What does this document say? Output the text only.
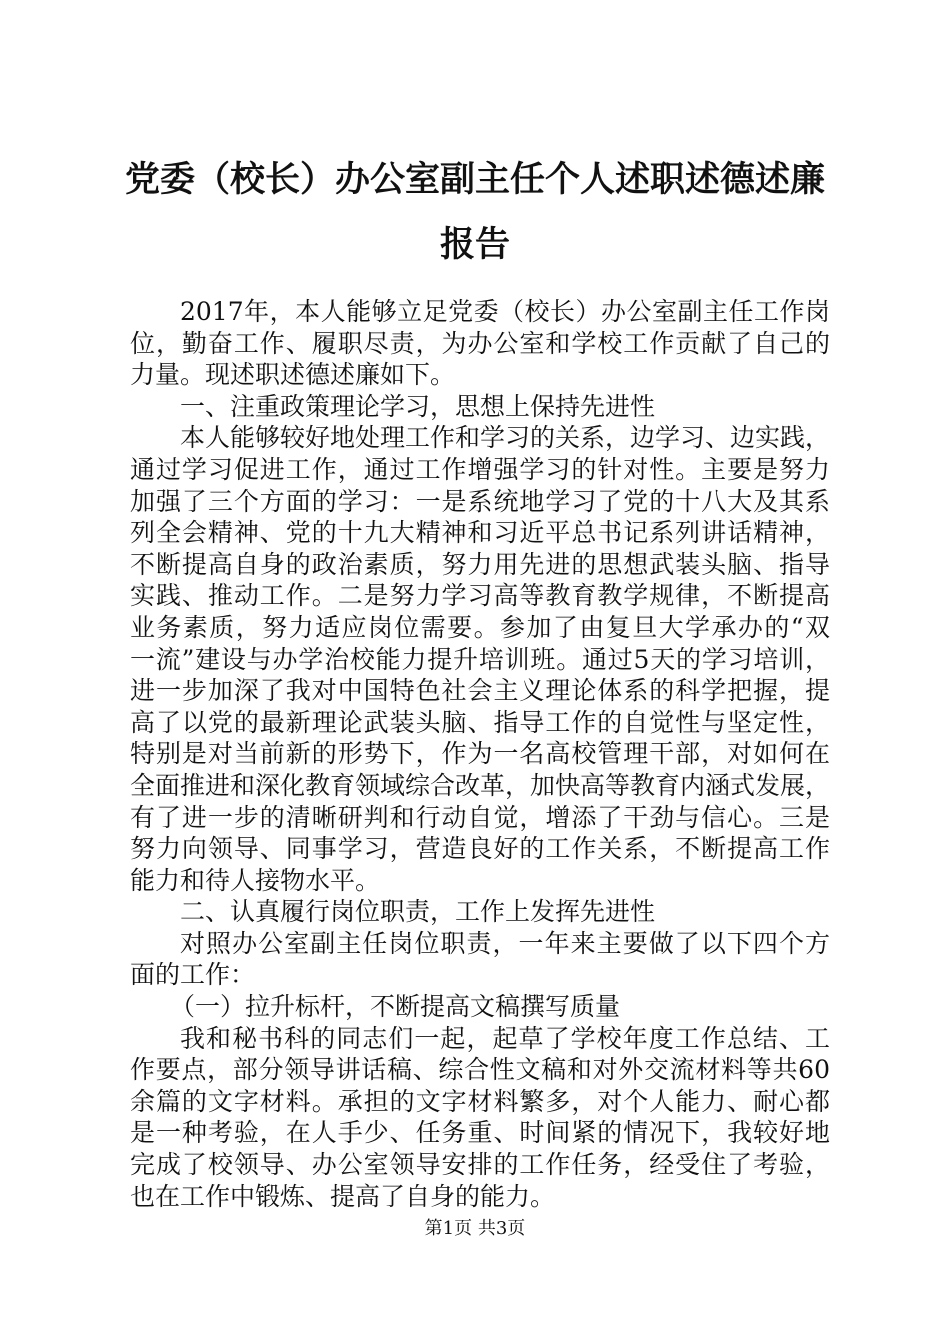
党委（校长）办公室副主任个人述职述德述廉
报告
2017年，本人能够立足党委（校长）办公室副主任工作岗
位，勤奋工作、履职尽责，为办公室和学校工作贡献了自己的
力量。现述职述德述廉如下。
一、注重政策理论学习，思想上保持先进性
本人能够较好地处理工作和学习的关系，边学习、边实践，
通过学习促进工作，通过工作增强学习的针对性。主要是努力
加强了三个方面的学习：一是系统地学习了党的十八大及其系
列全会精神、党的十九大精神和习近平总书记系列讲话精神，
不断提高自身的政治素质，努力用先进的思想武装头脑、指导
实践、推动工作。二是努力学习高等教育教学规律，不断提高
业务素质，努力适应岗位需要。参加了由复旦大学承办的“双
一流”建设与办学治校能力提升培训班。通过5天的学习培训，
进一步加深了我对中国特色社会主义理论体系的科学把握，提
高了以党的最新理论武装头脑、指导工作的自觉性与坚定性，
特别是对当前新的形势下，作为一名高校管理干部，对如何在
全面推进和深化教育领域综合改革，加快高等教育内涵式发展，
有了进一步的清晰研判和行动自觉，增添了干劲与信心。三是
努力向领导、同事学习，营造良好的工作关系，不断提高工作
能力和待人接物水平。
二、认真履行岗位职责，工作上发挥先进性
对照办公室副主任岗位职责，一年来主要做了以下四个方
面的工作：
（一）拉升标杆，不断提高文稿撰写质量
我和秘书科的同志们一起，起草了学校年度工作总结、工
作要点，部分领导讲话稿、综合性文稿和对外交流材料等共60
余篇的文字材料。承担的文字材料繁多，对个人能力、耐心都
是一种考验，在人手少、任务重、时间紧的情况下，我较好地
完成了校领导、办公室领导安排的工作任务，经受住了考验，
也在工作中锻炼、提高了自身的能力。
第1页 共3页
